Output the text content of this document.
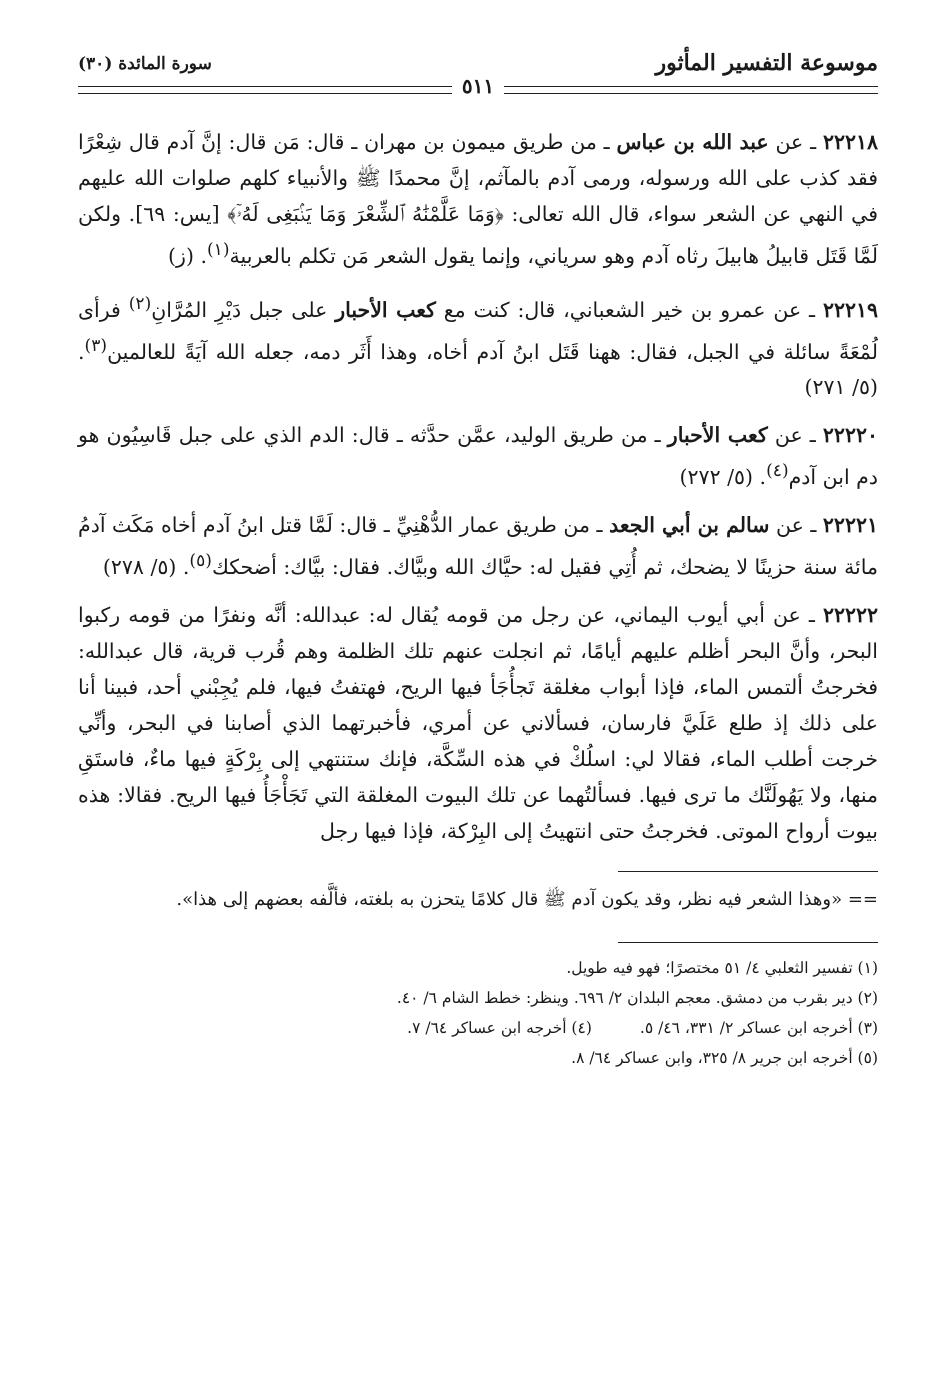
موسوعة التفسير المأثور
٥١١
سورة المائدة (٣٠)

٢٢٢١٨ ـ عن عبد الله بن عباس ـ من طريق ميمون بن مهران ـ قال: مَن قال: إنَّ آدم قال شِعْرًا فقد كذب على الله ورسوله، ورمى آدم بالمآثم، إنَّ محمدًا ﷺ والأنبياء كلهم صلوات الله عليهم في النهي عن الشعر سواء، قال الله تعالى: ﴿وَمَا عَلَّمْنَٰهُ ٱلشِّعْرَ وَمَا يَنۢبَغِى لَهُۥٓ﴾ [يس: ٦٩]. ولكن لَمَّا قَتَل قابيلُ هابيلَ رثاه آدم وهو سرياني، وإنما يقول الشعر مَن تكلم بالعربية$^{(١)}$. (ز)

٢٢٢١٩ ـ عن عمرو بن خير الشعباني، قال: كنت مع كعب الأحبار على جبل دَيْرِ المُرَّانِ$^{(٢)}$ فرأى لُمْعَةً سائلة في الجبل، فقال: ههنا قَتَل ابنُ آدم أخاه، وهذا أَثَر دمه، جعله الله آيَةً للعالمين$^{(٣)}$. (٥/ ٢٧١)

٢٢٢٢٠ ـ عن كعب الأحبار ـ من طريق الوليد، عمَّن حدَّثه ـ قال: الدم الذي على جبل قَاسِيُون هو دم ابن آدم$^{(٤)}$. (٥/ ٢٧٢)

٢٢٢٢١ ـ عن سالم بن أبي الجعد ـ من طريق عمار الدُّهْنِيِّ ـ قال: لَمَّا قتل ابنُ آدم أخاه مَكَث آدمُ مائة سنة حزينًا لا يضحك، ثم أُتِي فقيل له: حيَّاك الله وبيَّاك. فقال: بيَّاك: أضحكك$^{(٥)}$. (٥/ ٢٧٨)

٢٢٢٢٢ ـ عن أبي أيوب اليماني، عن رجل من قومه يُقال له: عبدالله: أنَّه ونفرًا من قومه ركبوا البحر، وأنَّ البحر أظلم عليهم أيامًا، ثم انجلت عنهم تلك الظلمة وهم قُرب قرية، قال عبدالله: فخرجتُ ألتمس الماء، فإذا أبواب مغلقة تَجأُجَأ فيها الريح، فهتفتُ فيها، فلم يُجِبْني أحد، فبينا أنا على ذلك إذ طلع عَلَيَّ فارسان، فسألاني عن أمري، فأخبرتهما الذي أصابنا في البحر، وأنِّي خرجت أطلب الماء، فقالا لي: اسلُكْ في هذه السِّكَّة، فإنك ستنتهي إلى بِرْكَةٍ فيها ماءٌ، فاستَقِ منها، ولا يَهُولَنَّك ما ترى فيها. فسألتُهما عن تلك البيوت المغلقة التي تَجَأْجَأُ فيها الريح. فقالا: هذه بيوت أرواح الموتى. فخرجتُ حتى انتهيتُ إلى البِرْكة، فإذا فيها رجل

== «وهذا الشعر فيه نظر، وقد يكون آدم ﷺ قال كلامًا يتحزن به بلغته، فألَّفه بعضهم إلى هذا».

(١) تفسير الثعلبي ٤/ ٥١ مختصرًا؛ فهو فيه طويل.

(٢) دير بقرب من دمشق. معجم البلدان ٢/ ٦٩٦. وينظر: خطط الشام ٦/ ٤٠.

(٣) أخرجه ابن عساكر ٢/ ٣٣١، ٤٦/ ٥.
(٤) أخرجه ابن عساكر ٦٤/ ٧.

(٥) أخرجه ابن جرير ٨/ ٣٢٥، وابن عساكر ٦٤/ ٨.
